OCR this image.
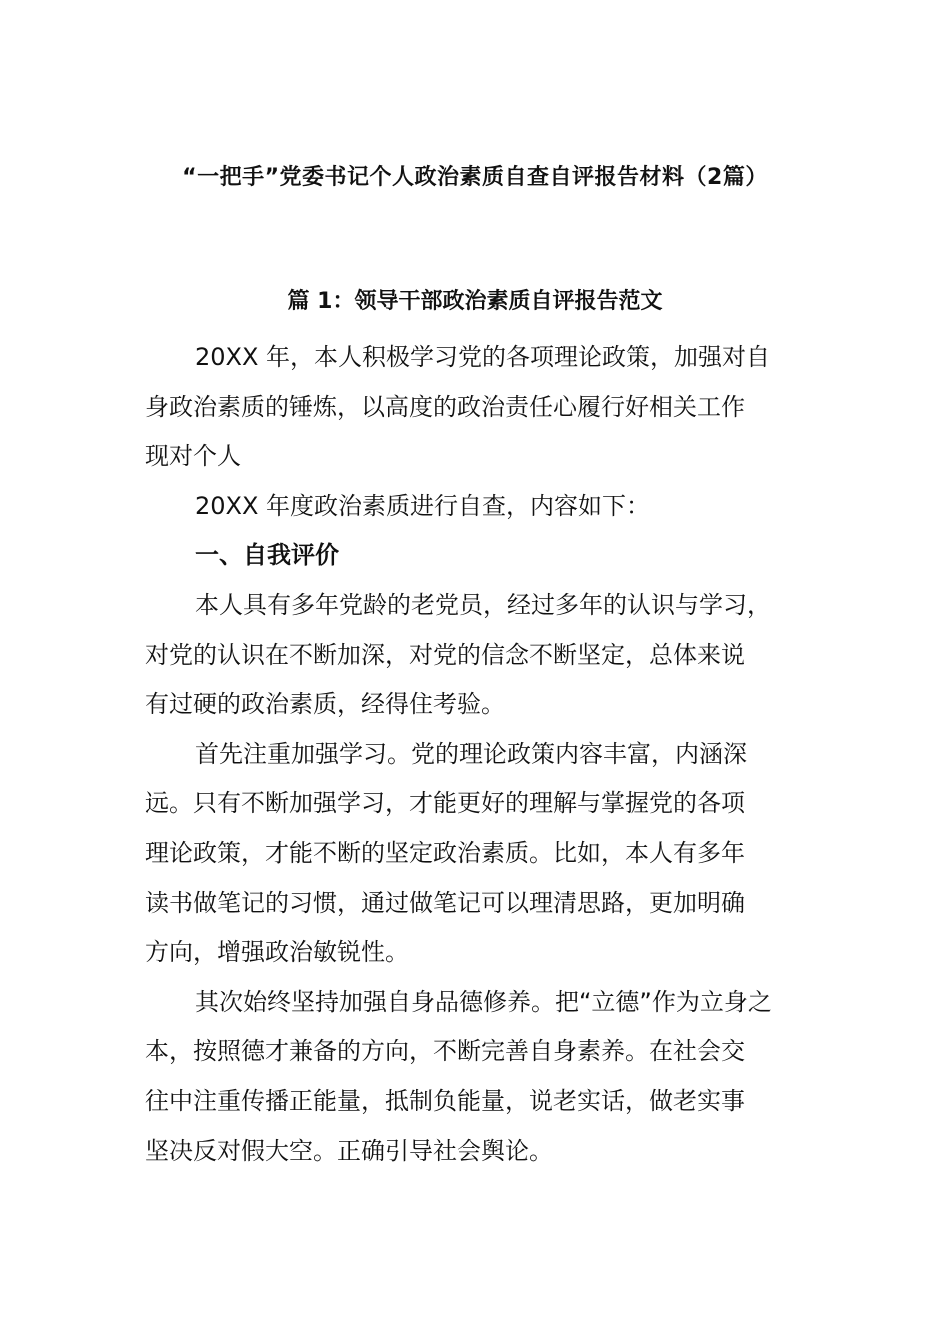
“一把手”党委书记个人政治素质自查自评报告材料（2篇）
篇 1：领导干部政治素质自评报告范文

20XX 年，本人积极学习党的各项理论政策，加强对自
身政治素质的锤炼，以高度的政治责任心履行好相关工作
现对个人

20XX 年度政治素质进行自查，内容如下：

一、自我评价

本人具有多年党龄的老党员，经过多年的认识与学习，
对党的认识在不断加深，对党的信念不断坚定，总体来说
有过硬的政治素质，经得住考验。

首先注重加强学习。党的理论政策内容丰富，内涵深
远。只有不断加强学习，才能更好的理解与掌握党的各项
理论政策，才能不断的坚定政治素质。比如，本人有多年
读书做笔记的习惯，通过做笔记可以理清思路，更加明确
方向，增强政治敏锐性。

其次始终坚持加强自身品德修养。把“立德”作为立身之
本，按照德才兼备的方向，不断完善自身素养。在社会交
往中注重传播正能量，抵制负能量，说老实话，做老实事
坚决反对假大空。正确引导社会舆论。
